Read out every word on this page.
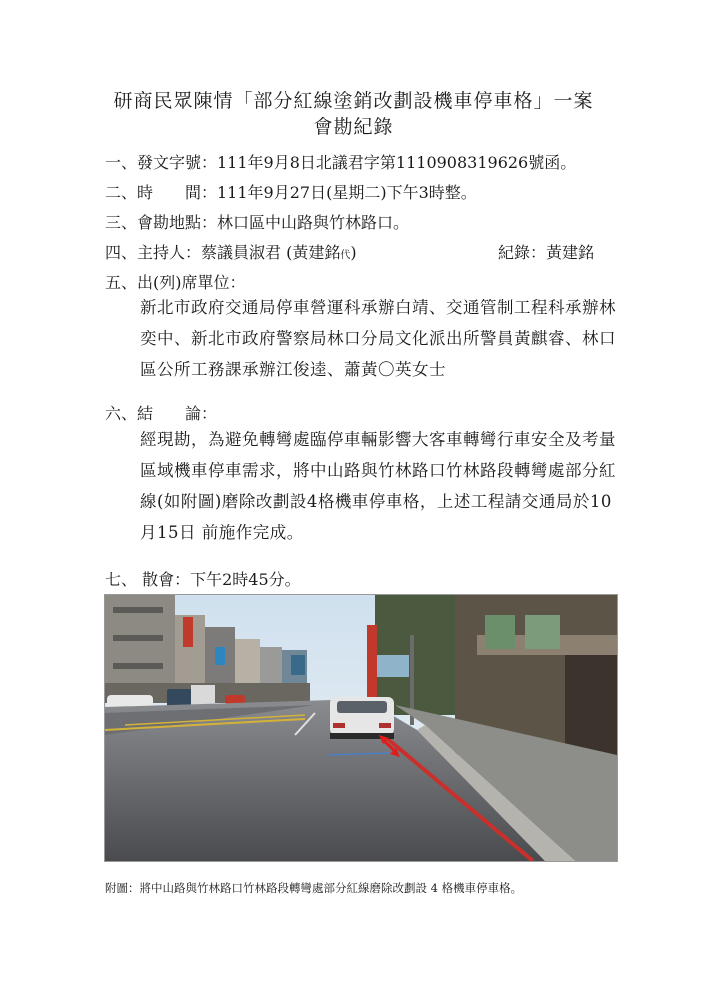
研商民眾陳情「部分紅線塗銷改劃設機車停車格」一案
會勘紀錄
一、發文字號：111年9月8日北議君字第1110908319626號函。
二、時　　間：111年9月27日(星期二)下午3時整。
三、會勘地點：林口區中山路與竹林路口。
四、主持人：蔡議員淑君 (黃建銘代)	紀錄：黃建銘
五、出(列)席單位：
新北市政府交通局停車營運科承辦白靖、交通管制工程科承辦林奕中、新北市政府警察局林口分局文化派出所警員黃麒睿、林口區公所工務課承辦江俊逵、蕭黃〇英女士
六、結　　論：
經現勘，為避免轉彎處臨停車輛影響大客車轉彎行車安全及考量區域機車停車需求，將中山路與竹林路口竹林路段轉彎處部分紅線(如附圖)磨除改劃設4格機車停車格，上述工程請交通局於10月15日 前施作完成。
七、 散會：下午2時45分。
附圖：將中山路與竹林路口竹林路段轉彎處部分紅線磨除改劃設 4 格機車停車格。
